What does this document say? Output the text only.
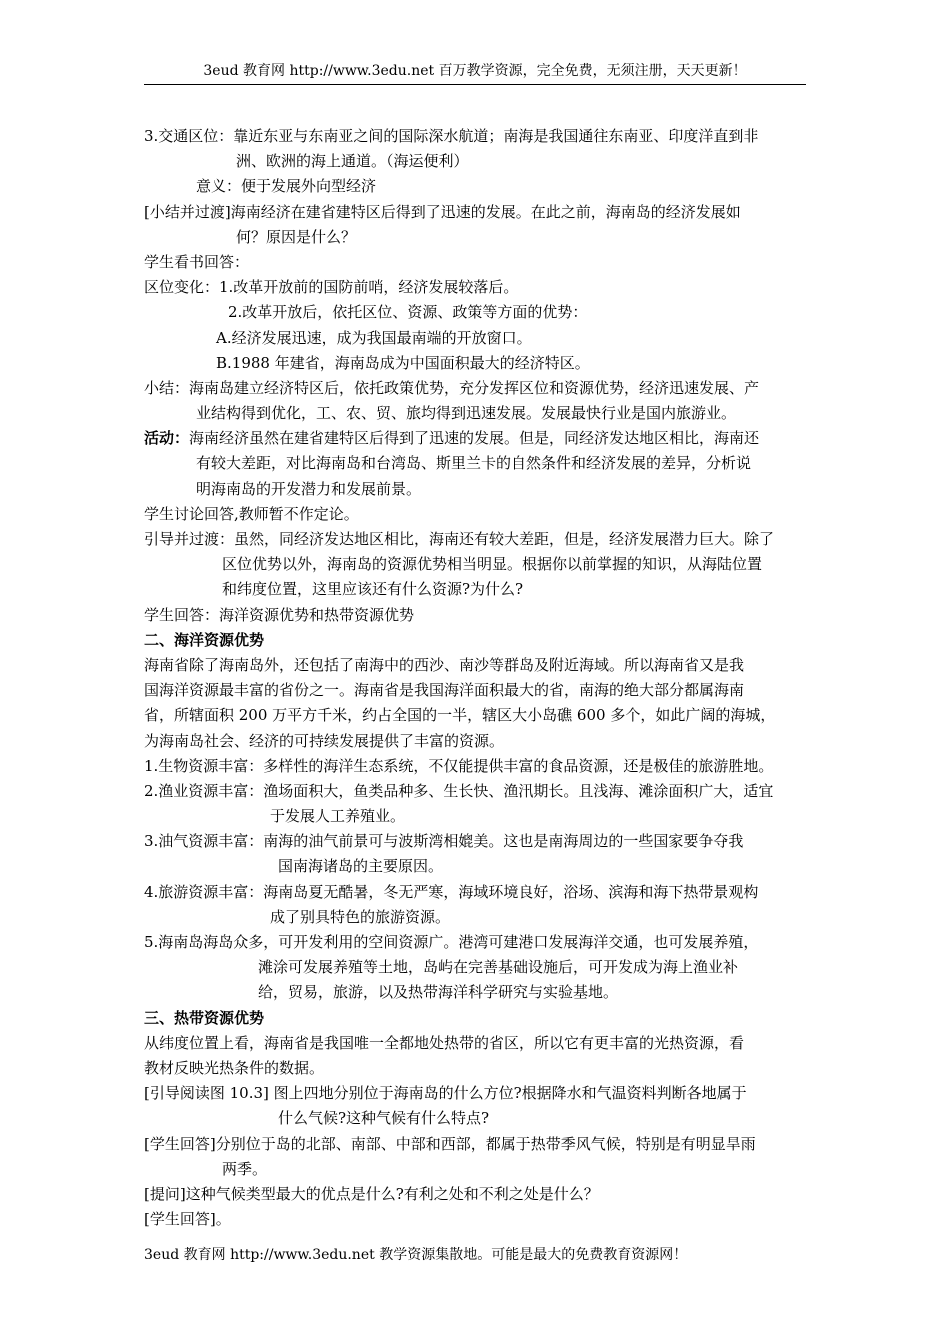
3eud 教育网 http://www.3edu.net 百万教学资源，完全免费，无须注册，天天更新！
3.交通区位：靠近东亚与东南亚之间的国际深水航道；南海是我国通往东南亚、印度洋直到非
洲、欧洲的海上通道。（海运便利）
意义：便于发展外向型经济
[小结并过渡]海南经济在建省建特区后得到了迅速的发展。在此之前，海南岛的经济发展如
何？原因是什么？
学生看书回答：
区位变化：1.改革开放前的国防前哨，经济发展较落后。
2.改革开放后，依托区位、资源、政策等方面的优势：
A.经济发展迅速，成为我国最南端的开放窗口。
B.1988 年建省，海南岛成为中国面积最大的经济特区。
小结：海南岛建立经济特区后，依托政策优势，充分发挥区位和资源优势，经济迅速发展、产
业结构得到优化，工、农、贸、旅均得到迅速发展。发展最快行业是国内旅游业。
活动：海南经济虽然在建省建特区后得到了迅速的发展。但是，同经济发达地区相比，海南还
有较大差距，对比海南岛和台湾岛、斯里兰卡的自然条件和经济发展的差异，分析说
明海南岛的开发潜力和发展前景。
学生讨论回答,教师暂不作定论。
引导并过渡：虽然，同经济发达地区相比，海南还有较大差距，但是，经济发展潜力巨大。除了
区位优势以外，海南岛的资源优势相当明显。根据你以前掌握的知识，从海陆位置
和纬度位置，这里应该还有什么资源?为什么?
学生回答：海洋资源优势和热带资源优势
二、海洋资源优势
海南省除了海南岛外，还包括了南海中的西沙、南沙等群岛及附近海域。所以海南省又是我
国海洋资源最丰富的省份之一。海南省是我国海洋面积最大的省，南海的绝大部分都属海南
省，所辖面积 200 万平方千米，约占全国的一半，辖区大小岛礁 600 多个，如此广阔的海城，
为海南岛社会、经济的可持续发展提供了丰富的资源。
1.生物资源丰富：多样性的海洋生态系统，不仅能提供丰富的食品资源，还是极佳的旅游胜地。
2.渔业资源丰富：渔场面积大，鱼类品种多、生长快、渔汛期长。且浅海、滩涂面积广大，适宜
于发展人工养殖业。
3.油气资源丰富：南海的油气前景可与波斯湾相媲美。这也是南海周边的一些国家要争夺我
国南海诸岛的主要原因。
4.旅游资源丰富：海南岛夏无酷暑，冬无严寒，海域环境良好，浴场、滨海和海下热带景观构
成了别具特色的旅游资源。
5.海南岛海岛众多，可开发利用的空间资源广。港湾可建港口发展海洋交通，也可发展养殖，
滩涂可发展养殖等土地，岛屿在完善基础设施后，可开发成为海上渔业补
给，贸易，旅游，以及热带海洋科学研究与实验基地。
三、热带资源优势
从纬度位置上看，海南省是我国唯一全都地处热带的省区，所以它有更丰富的光热资源，看
教材反映光热条件的数据。
[引导阅读图 10.3] 图上四地分别位于海南岛的什么方位?根据降水和气温资料判断各地属于
什么气候?这种气候有什么特点?
[学生回答]分别位于岛的北部、南部、中部和西部，都属于热带季风气候，特别是有明显旱雨
两季。
[提问]这种气候类型最大的优点是什么?有利之处和不利之处是什么？
[学生回答]。
3eud 教育网 http://www.3edu.net 教学资源集散地。可能是最大的免费教育资源网！
